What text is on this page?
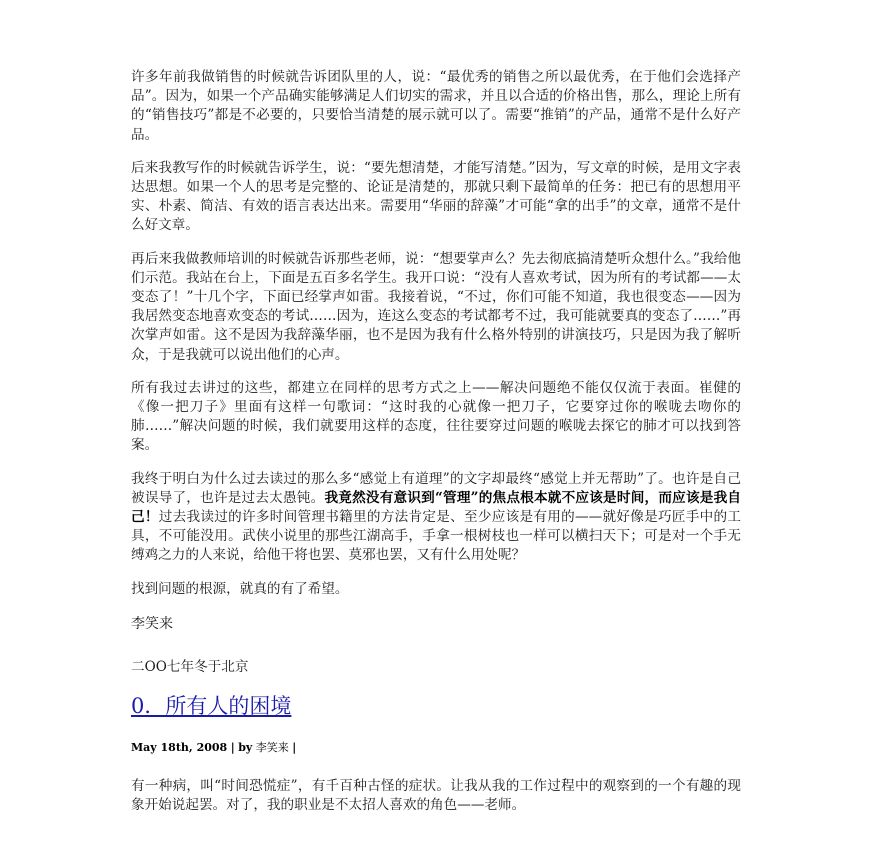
许多年前我做销售的时候就告诉团队里的人，说：“最优秀的销售之所以最优秀，在于他们会选择产品”。因为，如果一个产品确实能够满足人们切实的需求，并且以合适的价格出售，那么，理论上所有的“销售技巧”都是不必要的，只要恰当清楚的展示就可以了。需要“推销”的产品，通常不是什么好产品。

后来我教写作的时候就告诉学生，说：“要先想清楚，才能写清楚。”因为，写文章的时候，是用文字表达思想。如果一个人的思考是完整的、论证是清楚的，那就只剩下最简单的任务：把已有的思想用平实、朴素、简洁、有效的语言表达出来。需要用“华丽的辞藻”才可能“拿的出手”的文章，通常不是什么好文章。

再后来我做教师培训的时候就告诉那些老师，说：“想要掌声么？先去彻底搞清楚听众想什么。”我给他们示范。我站在台上，下面是五百多名学生。我开口说：“没有人喜欢考试，因为所有的考试都——太变态了！”十几个字，下面已经掌声如雷。我接着说，“不过，你们可能不知道，我也很变态——因为我居然变态地喜欢变态的考试……因为，连这么变态的考试都考不过，我可能就要真的变态了……”再次掌声如雷。这不是因为我辞藻华丽，也不是因为我有什么格外特别的讲演技巧，只是因为我了解听众，于是我就可以说出他们的心声。

所有我过去讲过的这些，都建立在同样的思考方式之上——解决问题绝不能仅仅流于表面。崔健的《像一把刀子》里面有这样一句歌词：“这时我的心就像一把刀子，它要穿过你的喉咙去吻你的肺……”解决问题的时候，我们就要用这样的态度，往往要穿过问题的喉咙去探它的肺才可以找到答案。

我终于明白为什么过去读过的那么多“感觉上有道理”的文字却最终“感觉上并无帮助”了。也许是自己被误导了，也许是过去太愚钝。我竟然没有意识到“管理”的焦点根本就不应该是时间，而应该是我自己！过去我读过的许多时间管理书籍里的方法肯定是、至少应该是有用的——就好像是巧匠手中的工具，不可能没用。武侠小说里的那些江湖高手，手拿一根树枝也一样可以横扫天下；可是对一个手无缚鸡之力的人来说，给他干将也罢、莫邪也罢，又有什么用处呢？

找到问题的根源，就真的有了希望。

李笑来
二OO七年冬于北京
0．所有人的困境
May 18th, 2008 | by 李笑来 |

有一种病，叫“时间恐慌症”，有千百种古怪的症状。让我从我的工作过程中的观察到的一个有趣的现象开始说起罢。对了，我的职业是不太招人喜欢的角色——老师。
